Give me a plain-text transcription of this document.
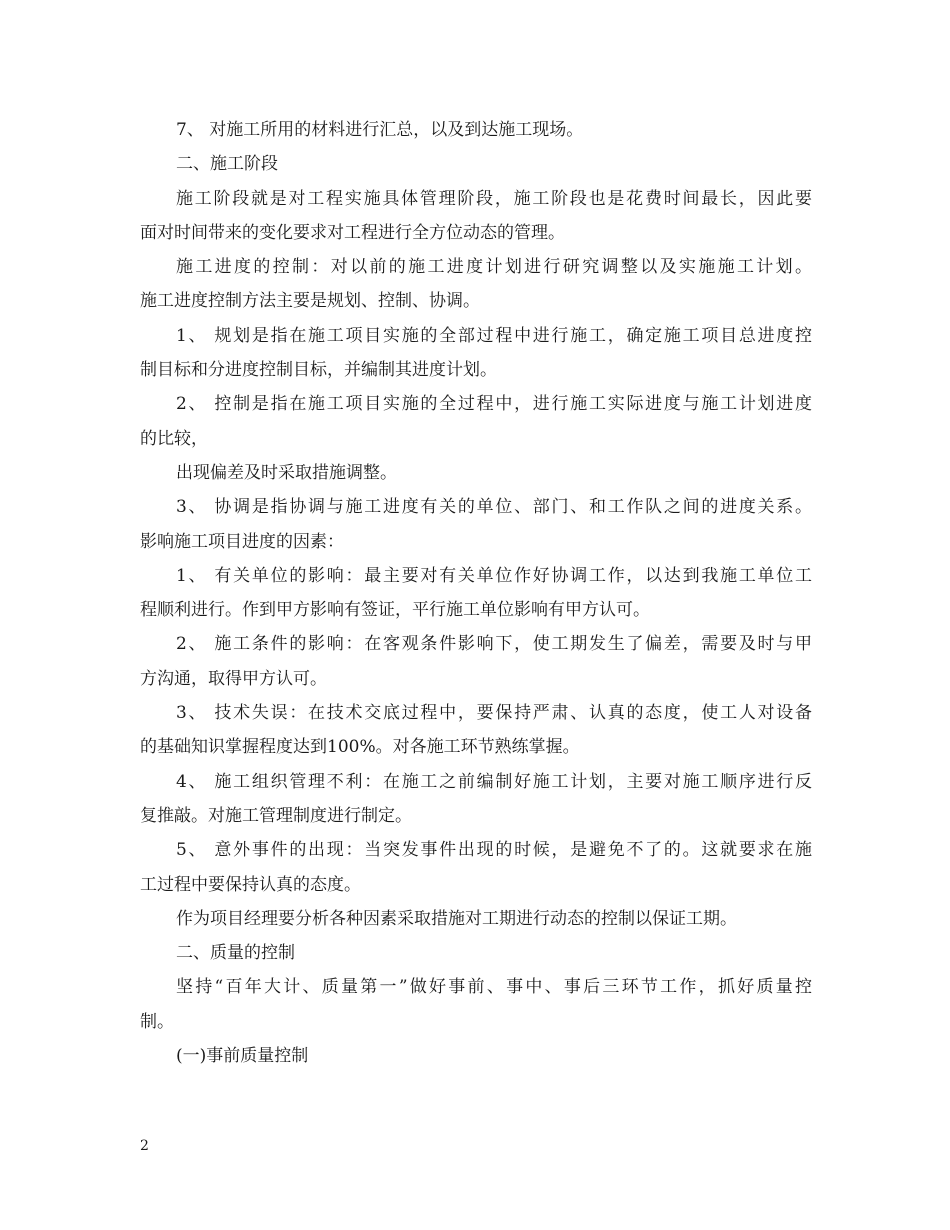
7、 对施工所用的材料进行汇总，以及到达施工现场。
二、施工阶段
施工阶段就是对工程实施具体管理阶段，施工阶段也是花费时间最长，因此要
面对时间带来的变化要求对工程进行全方位动态的管理。
施工进度的控制：对以前的施工进度计划进行研究调整以及实施施工计划。
施工进度控制方法主要是规划、控制、协调。
1、 规划是指在施工项目实施的全部过程中进行施工，确定施工项目总进度控
制目标和分进度控制目标，并编制其进度计划。
2、 控制是指在施工项目实施的全过程中，进行施工实际进度与施工计划进度
的比较，
出现偏差及时采取措施调整。
3、 协调是指协调与施工进度有关的单位、部门、和工作队之间的进度关系。
影响施工项目进度的因素：
1、 有关单位的影响：最主要对有关单位作好协调工作，以达到我施工单位工
程顺利进行。作到甲方影响有签证，平行施工单位影响有甲方认可。
2、 施工条件的影响：在客观条件影响下，使工期发生了偏差，需要及时与甲
方沟通，取得甲方认可。
3、 技术失误：在技术交底过程中，要保持严肃、认真的态度，使工人对设备
的基础知识掌握程度达到100%。对各施工环节熟练掌握。
4、 施工组织管理不利：在施工之前编制好施工计划，主要对施工顺序进行反
复推敲。对施工管理制度进行制定。
5、 意外事件的出现：当突发事件出现的时候，是避免不了的。这就要求在施
工过程中要保持认真的态度。
作为项目经理要分析各种因素采取措施对工期进行动态的控制以保证工期。
二、质量的控制
坚持“百年大计、质量第一”做好事前、事中、事后三环节工作，抓好质量控
制。
(一)事前质量控制
2
